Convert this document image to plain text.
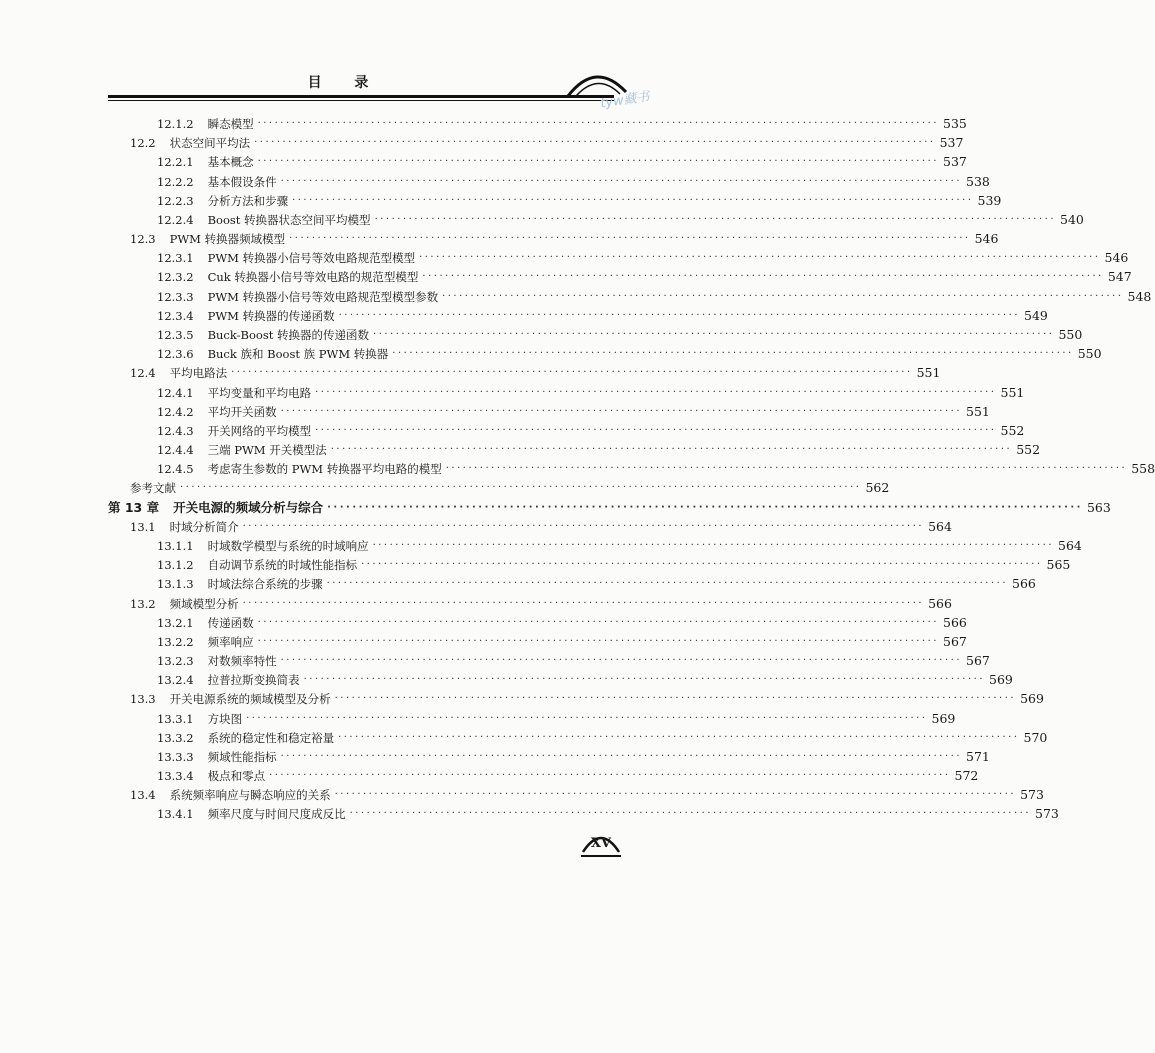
目 录
tyw藏书
12.1.2 瞬态模型 ························································································································ 535
12.2 状态空间平均法 ························································································································ 537
12.2.1 基本概念 ························································································································ 537
12.2.2 基本假设条件 ························································································································ 538
12.2.3 分析方法和步骤 ························································································································ 539
12.2.4 Boost 转换器状态空间平均模型 ························································································································ 540
12.3 PWM 转换器频域模型 ························································································································ 546
12.3.1 PWM 转换器小信号等效电路规范型模型 ························································································································ 546
12.3.2 Cuk 转换器小信号等效电路的规范型模型 ························································································································ 547
12.3.3 PWM 转换器小信号等效电路规范型模型参数 ························································································································ 548
12.3.4 PWM 转换器的传递函数 ························································································································ 549
12.3.5 Buck-Boost 转换器的传递函数 ························································································································ 550
12.3.6 Buck 族和 Boost 族 PWM 转换器 ························································································································ 550
12.4 平均电路法 ························································································································ 551
12.4.1 平均变量和平均电路 ························································································································ 551
12.4.2 平均开关函数 ························································································································ 551
12.4.3 开关网络的平均模型 ························································································································ 552
12.4.4 三端 PWM 开关模型法 ························································································································ 552
12.4.5 考虑寄生参数的 PWM 转换器平均电路的模型 ························································································································ 558
参考文献 ························································································································ 562
第 13 章 开关电源的频域分析与综合 ························································································································ 563
13.1 时域分析简介 ························································································································ 564
13.1.1 时域数学模型与系统的时域响应 ························································································································ 564
13.1.2 自动调节系统的时域性能指标 ························································································································ 565
13.1.3 时域法综合系统的步骤 ························································································································ 566
13.2 频域模型分析 ························································································································ 566
13.2.1 传递函数 ························································································································ 566
13.2.2 频率响应 ························································································································ 567
13.2.3 对数频率特性 ························································································································ 567
13.2.4 拉普拉斯变换简表 ························································································································ 569
13.3 开关电源系统的频域模型及分析 ························································································································ 569
13.3.1 方块图 ························································································································ 569
13.3.2 系统的稳定性和稳定裕量 ························································································································ 570
13.3.3 频域性能指标 ························································································································ 571
13.3.4 极点和零点 ························································································································ 572
13.4 系统频率响应与瞬态响应的关系 ························································································································ 573
13.4.1 频率尺度与时间尺度成反比 ························································································································ 573
XV
